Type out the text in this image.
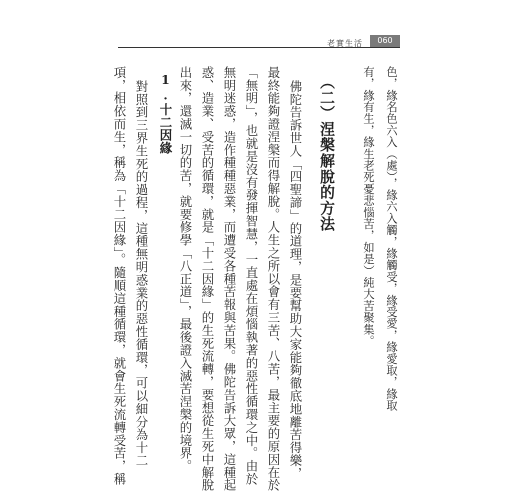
老實生活	060
色，緣名色六入（處），緣六入觸，緣觸受，緣受愛，緣愛取，緣取
有，緣有生，緣生老死憂悲惱苦，如是）純大苦聚集。
（二）涅槃解脫的方法
佛陀告訴世人「四聖諦」的道理，是要幫助大家能夠徹底地離苦得樂，
最終能夠證涅槃而得解脫。人生之所以會有三苦、八苦，最主要的原因在於
「無明」，也就是沒有發揮智慧，一直處在煩惱執著的惡性循環之中。由於
無明迷惑，造作種種惡業，而遭受各種苦報與苦果。佛陀告訴大眾，這種起
惑、造業、受苦的循環，就是「十二因緣」的生死流轉，要想從生死中解脫
出來，還滅一切的苦，就要修學「八正道」，最後證入滅苦涅槃的境界。
1.十二因緣
對照到三界生死的過程，這種無明惑業的惡性循環，可以細分為十二
項，相依而生，稱為「十二因緣」。隨順這種循環，就會生死流轉受苦，稱
